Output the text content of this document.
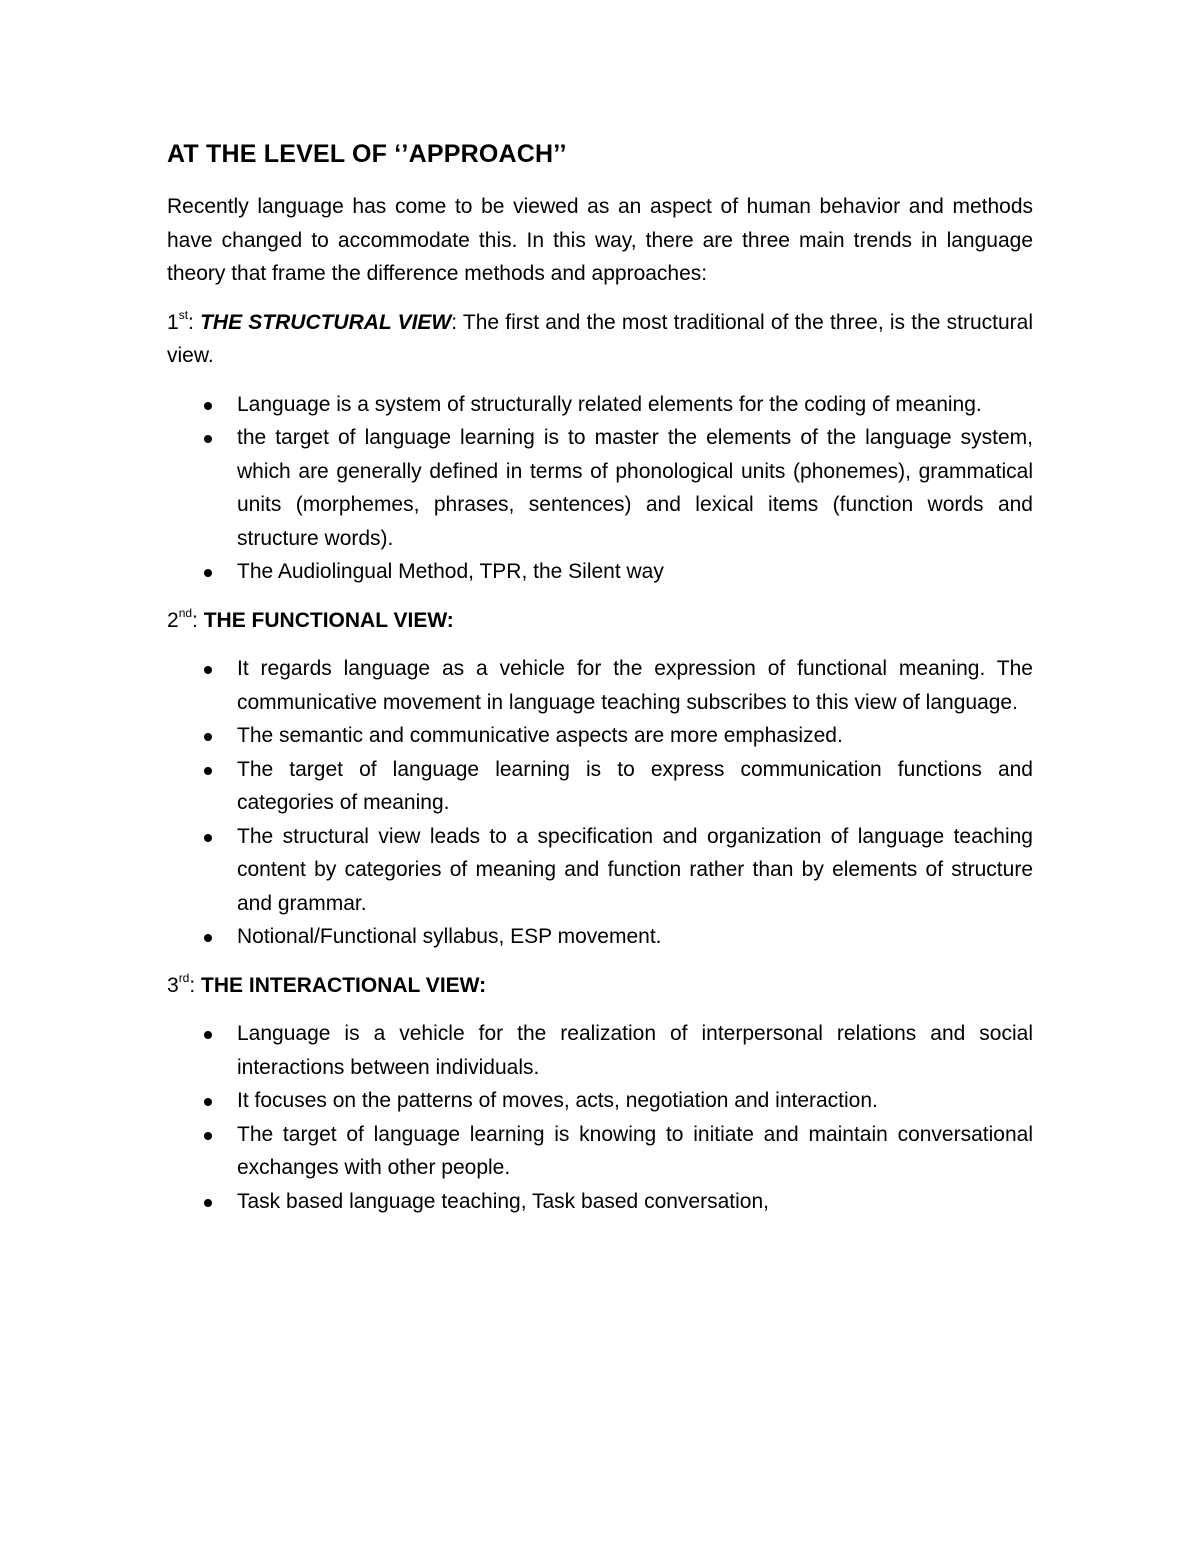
AT THE LEVEL OF ‘’APPROACH’’

Recently language has come to be viewed as an aspect of human behavior and methods have changed to accommodate this. In this way, there are three main trends in language theory that frame the difference methods and approaches:

1st: THE STRUCTURAL VIEW: The first and the most traditional of the three, is the structural view.
Language is a system of structurally related elements for the coding of meaning.
the target of language learning is to master the elements of the language system, which are generally defined in terms of phonological units (phonemes), grammatical units (morphemes, phrases, sentences) and lexical items (function words and structure words).
The Audiolingual Method, TPR, the Silent way
2nd: THE FUNCTIONAL VIEW:
It regards language as a vehicle for the expression of functional meaning. The communicative movement in language teaching subscribes to this view of language.
The semantic and communicative aspects are more emphasized.
The target of language learning is to express communication functions and categories of meaning.
The structural view leads to a specification and organization of language teaching content by categories of meaning and function rather than by elements of structure and grammar.
Notional/Functional syllabus, ESP movement.
3rd: THE INTERACTIONAL VIEW:
Language is a vehicle for the realization of interpersonal relations and social interactions between individuals.
It focuses on the patterns of moves, acts, negotiation and interaction.
The target of language learning is knowing to initiate and maintain conversational exchanges with other people.
Task based language teaching, Task based conversation,
